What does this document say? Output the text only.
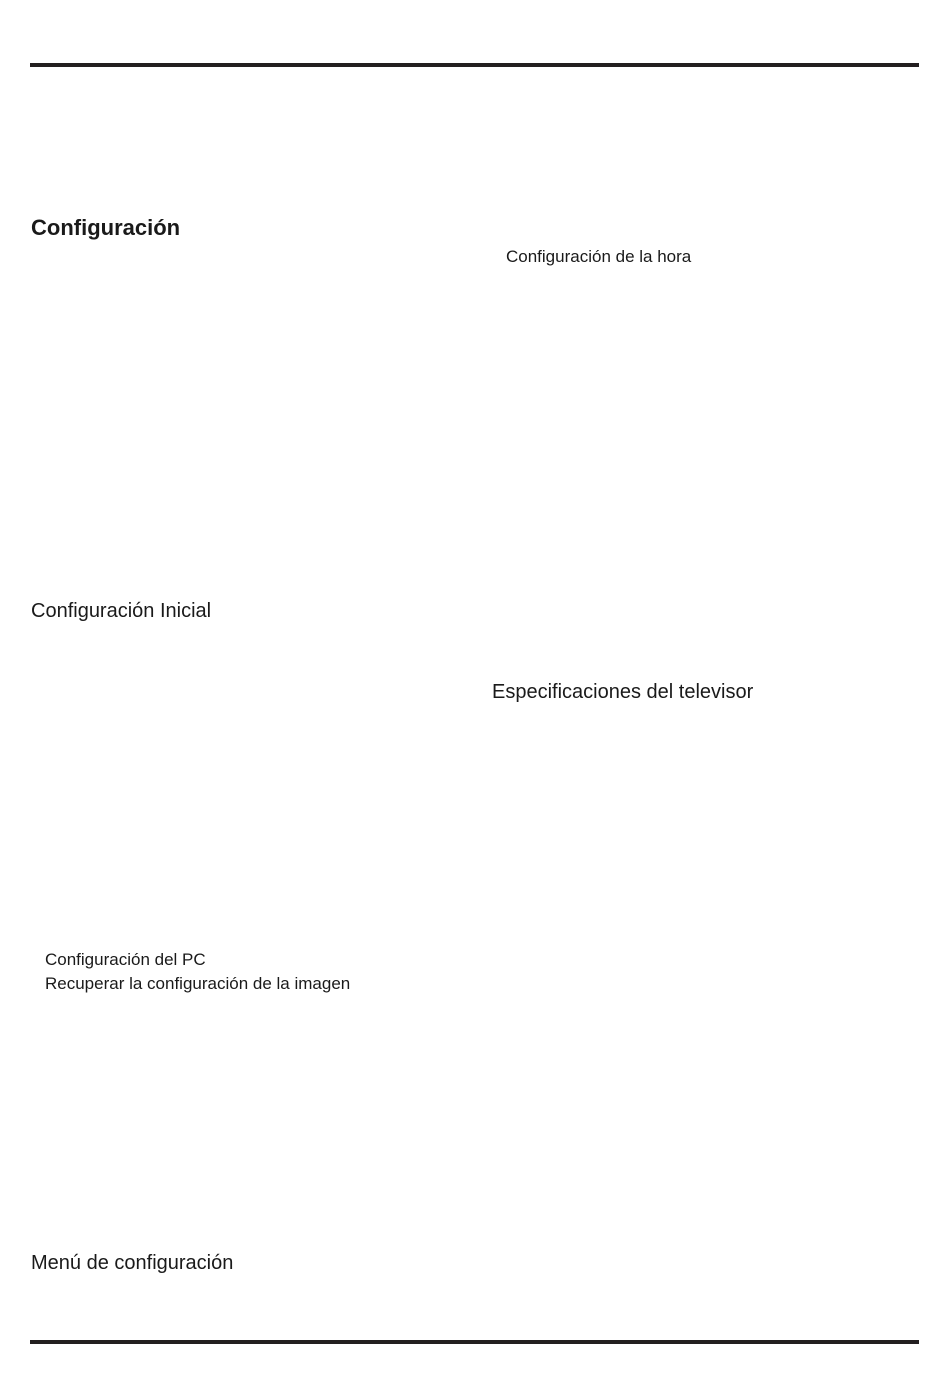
Configuración
Configuración de la hora
Configuración Inicial
Especificaciones del televisor
Configuración del PC
Recuperar la configuración de la imagen
Menú de configuración
